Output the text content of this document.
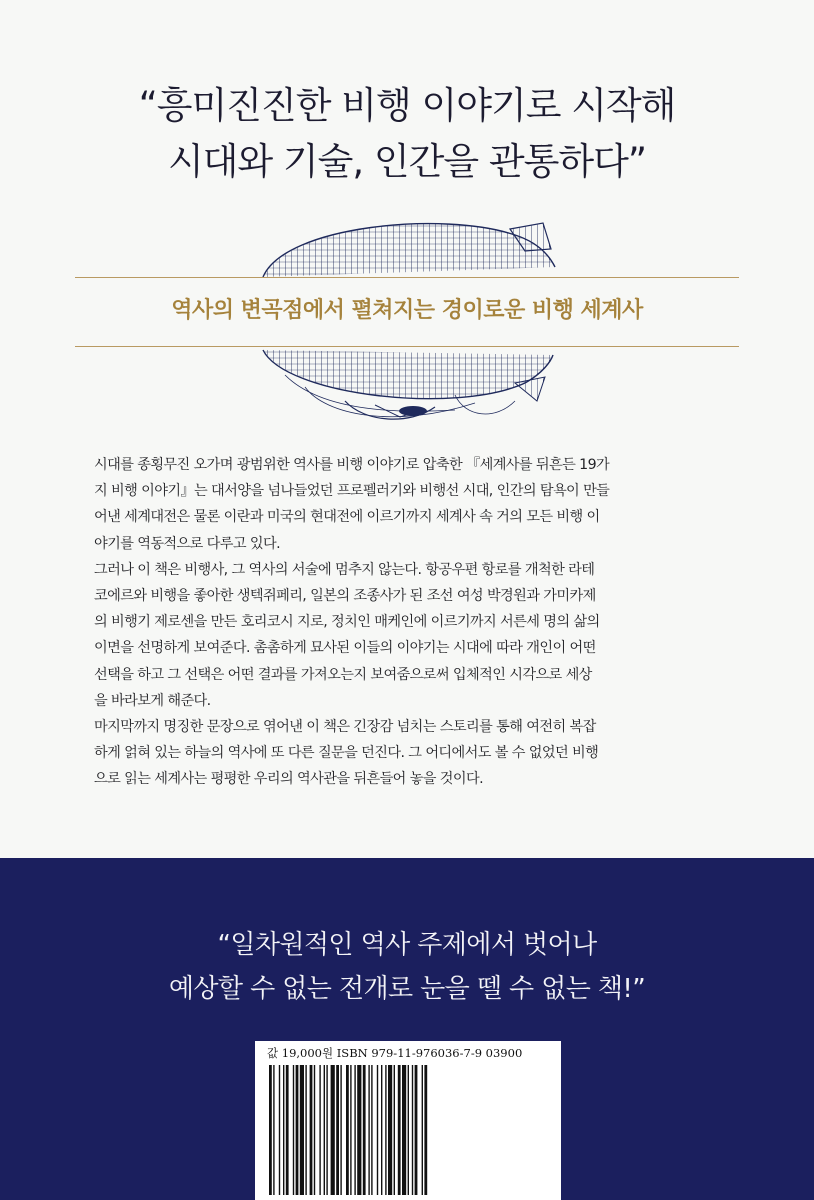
“흥미진진한 비행 이야기로 시작해
시대와 기술, 인간을 관통하다”
역사의 변곡점에서 펼쳐지는 경이로운 비행 세계사
시대를 종횡무진 오가며 광범위한 역사를 비행 이야기로 압축한 『세계사를 뒤흔든 19가
지 비행 이야기』는 대서양을 넘나들었던 프로펠러기와 비행선 시대, 인간의 탐욕이 만들
어낸 세계대전은 물론 이란과 미국의 현대전에 이르기까지 세계사 속 거의 모든 비행 이
야기를 역동적으로 다루고 있다.
그러나 이 책은 비행사, 그 역사의 서술에 멈추지 않는다. 항공우편 항로를 개척한 라테
코에르와 비행을 좋아한 생텍쥐페리, 일본의 조종사가 된 조선 여성 박경원과 가미카제
의 비행기 제로센을 만든 호리코시 지로, 정치인 매케인에 이르기까지 서른세 명의 삶의
이면을 선명하게 보여준다. 촘촘하게 묘사된 이들의 이야기는 시대에 따라 개인이 어떤
선택을 하고 그 선택은 어떤 결과를 가져오는지 보여줌으로써 입체적인 시각으로 세상
을 바라보게 해준다.
마지막까지 명징한 문장으로 엮어낸 이 책은 긴장감 넘치는 스토리를 통해 여전히 복잡
하게 얽혀 있는 하늘의 역사에 또 다른 질문을 던진다. 그 어디에서도 볼 수 없었던 비행
으로 읽는 세계사는 평평한 우리의 역사관을 뒤흔들어 놓을 것이다.
“일차원적인 역사 주제에서 벗어나
예상할 수 없는 전개로 눈을 뗄 수 없는 책!”
값 19,000원 ISBN 979-11-976036-7-9 03900
